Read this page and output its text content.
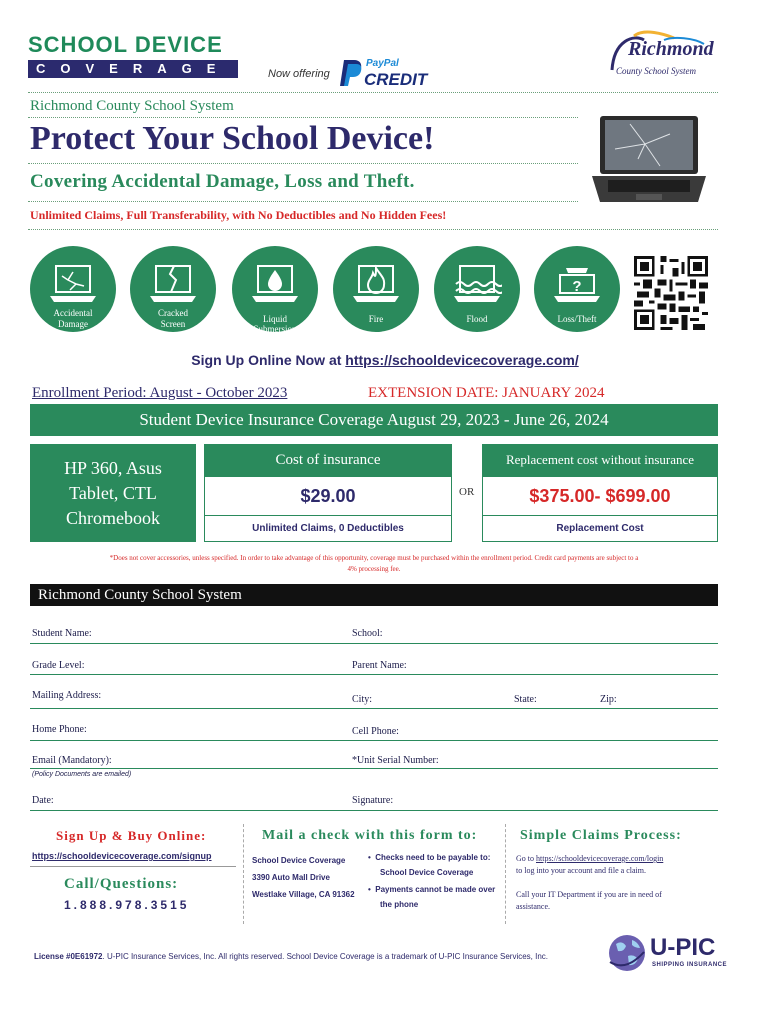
SCHOOL DEVICE
COVERAGE	Now offering
PayPal
CREDIT
Richmond
County School System
Richmond County School System
Protect Your School Device!
Covering Accidental Damage, Loss and Theft.
Unlimited Claims, Full Transferability, with No Deductibles and No Hidden Fees!
Accidental
Damage
Cracked
Screen	Liquid
Submersion
Fire	Flood
?
Loss/Theft
Sign Up Online Now at https://schooldevicecoverage.com/
Enrollment Period: August - October 2023	EXTENSION DATE: JANUARY 2024
Student Device Insurance Coverage August 29, 2023 - June 26, 2024
HP 360, Asus
Tablet, CTL
Chromebook
Cost of insurance
$29.00
Unlimited Claims, 0 Deductibles
OR
Replacement cost without insurance
$375.00- $699.00
Replacement Cost
*Does not cover accessories, unless specified. In order to take advantage of this opportunity, coverage must be purchased within the enrollment period. Credit card payments are subject to a
4% processing fee.
Richmond County School System
Student Name:	School:
Grade Level:	Parent Name:
Mailing Address:	City:	State:	Zip:
Home Phone:	Cell Phone:
Email (Mandatory):	*Unit Serial Number:
(Policy Documents are emailed)
Date:	Signature:
Sign Up & Buy Online:
https://schooldevicecoverage.com/signup
Call/Questions:
1.888.978.3515
Mail a check with this form to:
School Device Coverage
3390 Auto Mall Drive
Westlake Village, CA 91362
•  Checks need to be payable to:
School Device Coverage
•  Payments cannot be made over
the phone
Simple Claims Process:
Go to https://schooldevicecoverage.com/login
to log into your account and file a claim.
Call your IT Department if you are in need of
assistance.
License #0E61972. U-PIC Insurance Services, Inc. All rights reserved. School Device Coverage is a trademark of U-PIC Insurance Services, Inc.	U-PIC
SHIPPING INSURANCE
